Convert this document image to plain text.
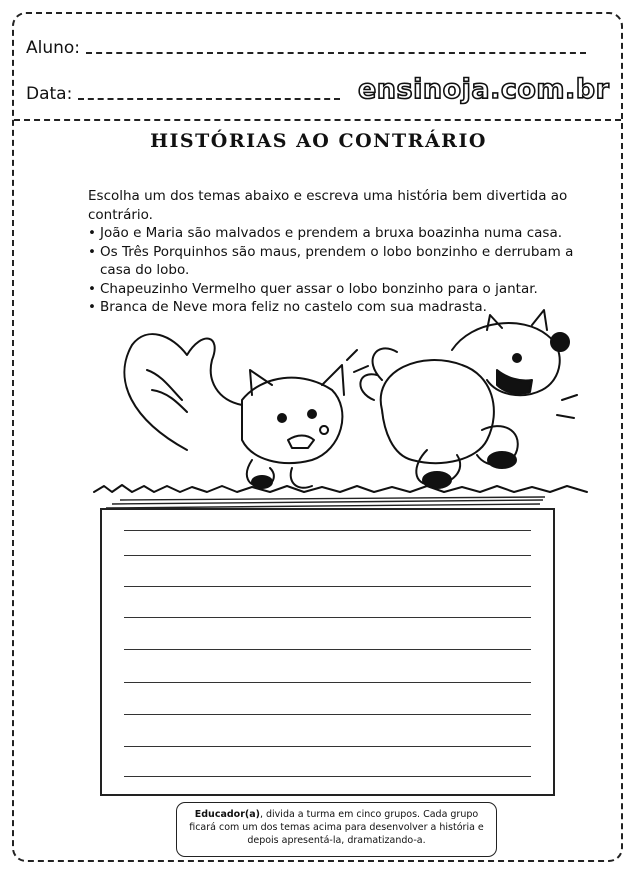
Aluno:
Data:	ensinoja.com.br
HISTÓRIAS AO CONTRÁRIO

Escolha um dos temas abaixo e escreva uma história bem divertida ao contrário.

• João e Maria são malvados e prendem a bruxa boazinha numa casa.
• Os Três Porquinhos são maus, prendem o lobo bonzinho e derrubam a casa do lobo.
• Chapeuzinho Vermelho quer assar o lobo bonzinho para o jantar.
• Branca de Neve mora feliz no castelo com sua madrasta.
Educador(a), divida a turma em cinco grupos. Cada grupo ficará com um dos temas acima para desenvolver a história e depois apresentá-la, dramatizando-a.
